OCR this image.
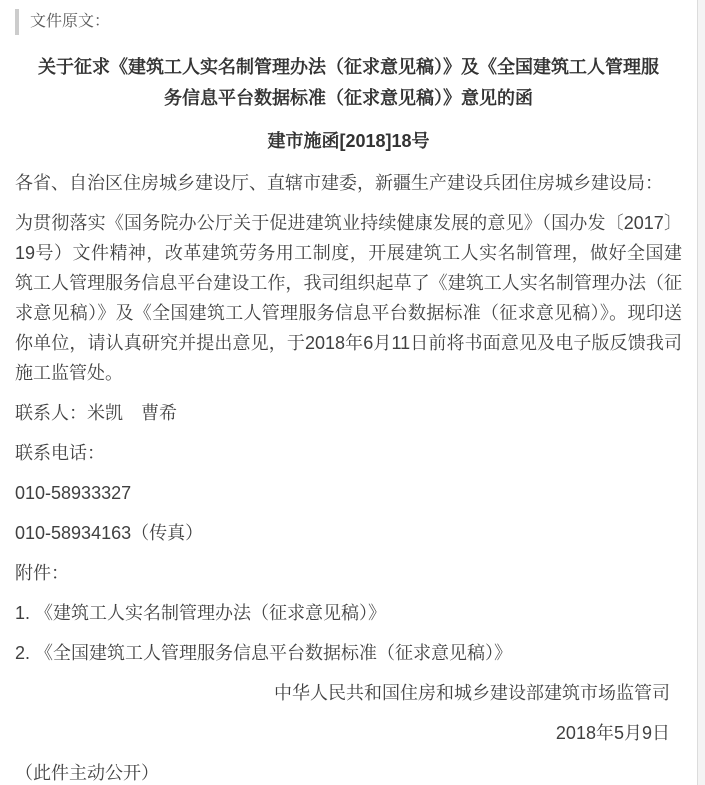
文件原文：
关于征求《建筑工人实名制管理办法（征求意见稿）》及《全国建筑工人管理服
务信息平台数据标准（征求意见稿）》意见的函
建市施函[2018]18号

各省、自治区住房城乡建设厅、直辖市建委，新疆生产建设兵团住房城乡建设局：

为贯彻落实《国务院办公厅关于促进建筑业持续健康发展的意见》（国办发〔2017〕19号）文件精神，改革建筑劳务用工制度，开展建筑工人实名制管理，做好全国建筑工人管理服务信息平台建设工作，我司组织起草了《建筑工人实名制管理办法（征求意见稿）》及《全国建筑工人管理服务信息平台数据标准（征求意见稿）》。现印送你单位，请认真研究并提出意见，于2018年6月11日前将书面意见及电子版反馈我司施工监管处。

联系人：米凯　曹希

联系电话：

010-58933327

010-58934163（传真）

附件：

1. 《建筑工人实名制管理办法（征求意见稿）》

2. 《全国建筑工人管理服务信息平台数据标准（征求意见稿）》

中华人民共和国住房和城乡建设部建筑市场监管司

2018年5月9日

（此件主动公开）
